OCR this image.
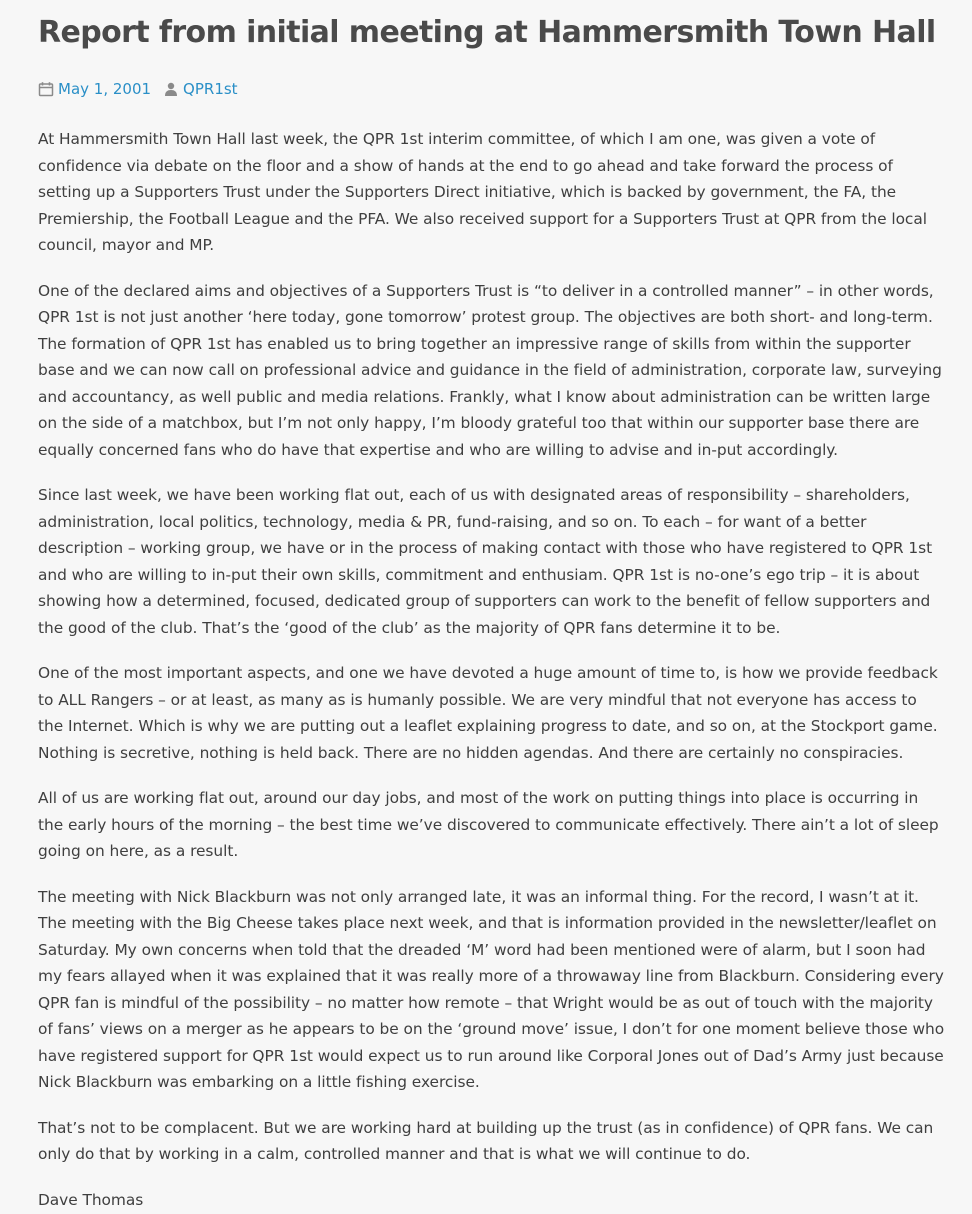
Report from initial meeting at Hammersmith Town Hall
May 1, 2001 QPR1st

At Hammersmith Town Hall last week, the QPR 1st interim committee, of which I am one, was given a vote of confidence via debate on the floor and a show of hands at the end to go ahead and take forward the process of setting up a Supporters Trust under the Supporters Direct initiative, which is backed by government, the FA, the Premiership, the Football League and the PFA. We also received support for a Supporters Trust at QPR from the local council, mayor and MP.

One of the declared aims and objectives of a Supporters Trust is “to deliver in a controlled manner” – in other words, QPR 1st is not just another ‘here today, gone tomorrow’ protest group. The objectives are both short- and long-term. The formation of QPR 1st has enabled us to bring together an impressive range of skills from within the supporter base and we can now call on professional advice and guidance in the field of administration, corporate law, surveying and accountancy, as well public and media relations. Frankly, what I know about administration can be written large on the side of a matchbox, but I’m not only happy, I’m bloody grateful too that within our supporter base there are equally concerned fans who do have that expertise and who are willing to advise and in-put accordingly.

Since last week, we have been working flat out, each of us with designated areas of responsibility – shareholders, administration, local politics, technology, media & PR, fund-raising, and so on. To each – for want of a better description – working group, we have or in the process of making contact with those who have registered to QPR 1st and who are willing to in-put their own skills, commitment and enthusiam. QPR 1st is no-one’s ego trip – it is about showing how a determined, focused, dedicated group of supporters can work to the benefit of fellow supporters and the good of the club. That’s the ‘good of the club’ as the majority of QPR fans determine it to be.

One of the most important aspects, and one we have devoted a huge amount of time to, is how we provide feedback to ALL Rangers – or at least, as many as is humanly possible. We are very mindful that not everyone has access to the Internet. Which is why we are putting out a leaflet explaining progress to date, and so on, at the Stockport game. Nothing is secretive, nothing is held back. There are no hidden agendas. And there are certainly no conspiracies.

All of us are working flat out, around our day jobs, and most of the work on putting things into place is occurring in the early hours of the morning – the best time we’ve discovered to communicate effectively. There ain’t a lot of sleep going on here, as a result.

The meeting with Nick Blackburn was not only arranged late, it was an informal thing. For the record, I wasn’t at it. The meeting with the Big Cheese takes place next week, and that is information provided in the newsletter/leaflet on Saturday. My own concerns when told that the dreaded ‘M’ word had been mentioned were of alarm, but I soon had my fears allayed when it was explained that it was really more of a throwaway line from Blackburn. Considering every QPR fan is mindful of the possibility – no matter how remote – that Wright would be as out of touch with the majority of fans’ views on a merger as he appears to be on the ‘ground move’ issue, I don’t for one moment believe those who have registered support for QPR 1st would expect us to run around like Corporal Jones out of Dad’s Army just because Nick Blackburn was embarking on a little fishing exercise.

That’s not to be complacent. But we are working hard at building up the trust (as in confidence) of QPR fans. We can only do that by working in a calm, controlled manner and that is what we will continue to do.

Dave Thomas
